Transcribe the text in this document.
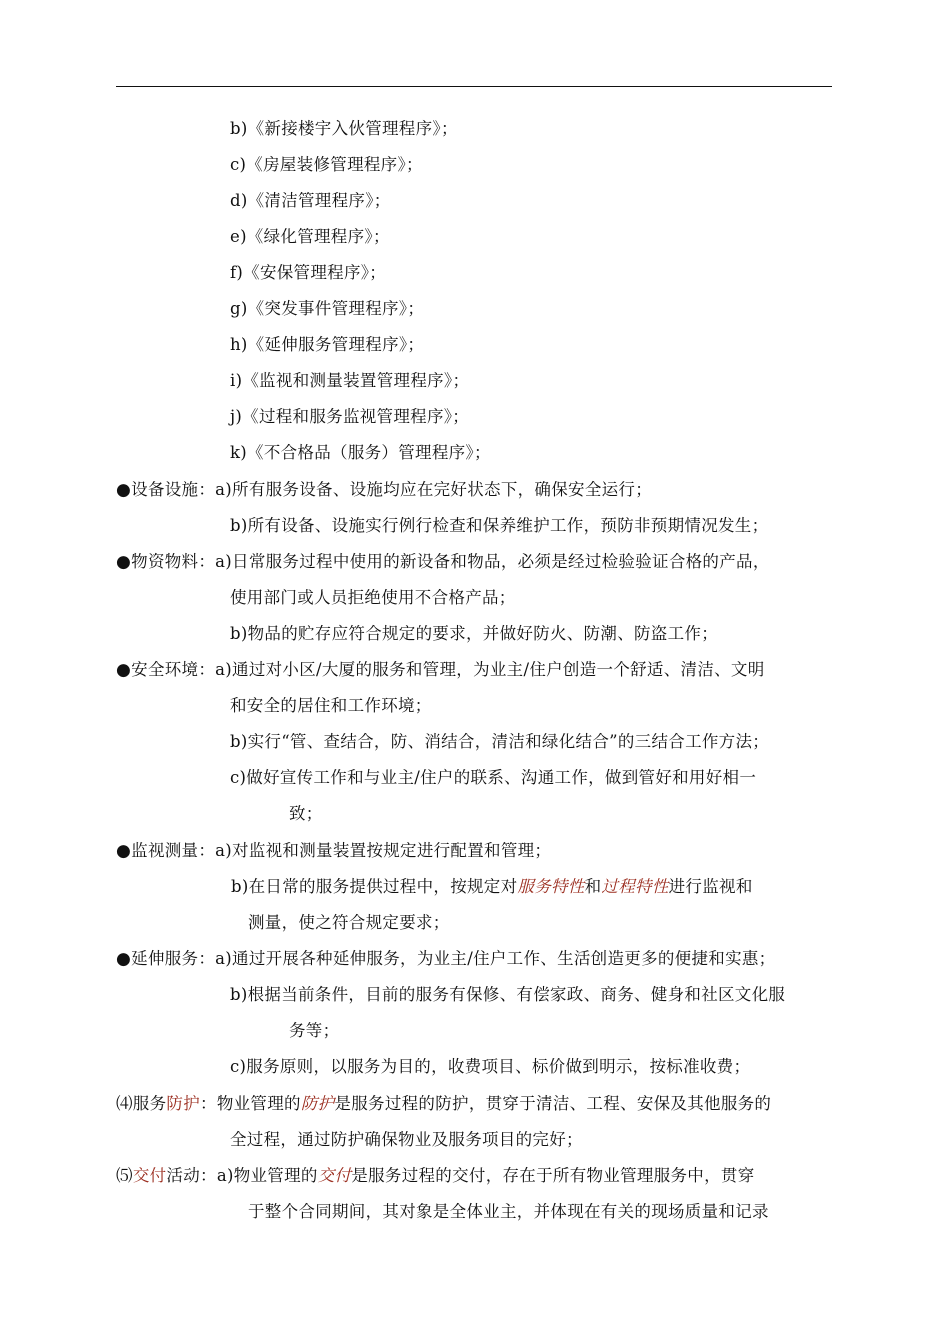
b)《新接楼宇入伙管理程序》；
c)《房屋装修管理程序》；
d)《清洁管理程序》；
e)《绿化管理程序》；
f)《安保管理程序》；
g)《突发事件管理程序》；
h)《延伸服务管理程序》；
i)《监视和测量装置管理程序》；
j)《过程和服务监视管理程序》；
k)《不合格品（服务）管理程序》；
●设备设施：a)所有服务设备、设施均应在完好状态下，确保安全运行；
b)所有设备、设施实行例行检查和保养维护工作，预防非预期情况发生；
●物资物料：a)日常服务过程中使用的新设备和物品，必须是经过检验验证合格的产品，
使用部门或人员拒绝使用不合格产品；
b)物品的贮存应符合规定的要求，并做好防火、防潮、防盗工作；
●安全环境：a)通过对小区/大厦的服务和管理，为业主/住户创造一个舒适、清洁、文明
和安全的居住和工作环境；
b)实行“管、查结合，防、消结合，清洁和绿化结合”的三结合工作方法；
c)做好宣传工作和与业主/住户的联系、沟通工作，做到管好和用好相一
致；
●监视测量：a)对监视和测量装置按规定进行配置和管理；
b)在日常的服务提供过程中，按规定对服务特性和过程特性进行监视和
测量，使之符合规定要求；
●延伸服务：a)通过开展各种延伸服务，为业主/住户工作、生活创造更多的便捷和实惠；
b)根据当前条件，目前的服务有保修、有偿家政、商务、健身和社区文化服
务等；
c)服务原则，以服务为目的，收费项目、标价做到明示，按标准收费；
⑷服务防护：物业管理的防护是服务过程的防护，贯穿于清洁、工程、安保及其他服务的
全过程，通过防护确保物业及服务项目的完好；
⑸交付活动：a)物业管理的交付是服务过程的交付，存在于所有物业管理服务中，贯穿
于整个合同期间，其对象是全体业主，并体现在有关的现场质量和记录
